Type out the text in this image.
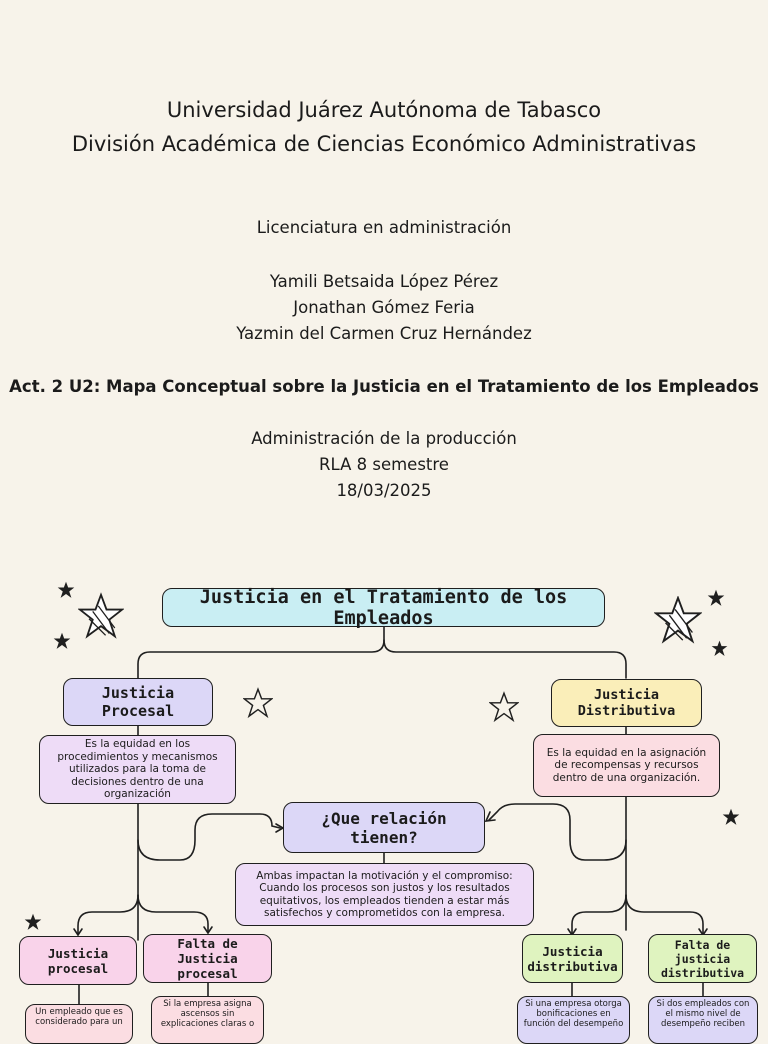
Universidad Juárez Autónoma de Tabasco
División Académica de Ciencias Económico Administrativas
Licenciatura en administración
Yamili Betsaida López Pérez
Jonathan Gómez Feria
Yazmin del Carmen Cruz Hernández
Act. 2 U2: Mapa Conceptual sobre la Justicia en el Tratamiento de los Empleados
Administración de la producción
RLA 8 semestre
18/03/2025
Justicia en el Tratamiento de los Empleados
Justicia Procesal
Es la equidad en los procedimientos y mecanismos utilizados para la toma de decisiones dentro de una organización
Justicia Distributiva
Es la equidad en la asignación de recompensas y recursos dentro de una organización.
¿Que relación tienen?
Ambas impactan la motivación y el compromiso: Cuando los procesos son justos y los resultados equitativos, los empleados tienden a estar más satisfechos y comprometidos con la empresa.
Justicia procesal
Un empleado que es considerado para un
Falta de Justicia procesal
Si la empresa asigna ascensos sin explicaciones claras o
Justicia distributiva
Si una empresa otorga bonificaciones en función del desempeño
Falta de justicia distributiva
Si dos empleados con el mismo nivel de desempeño reciben
